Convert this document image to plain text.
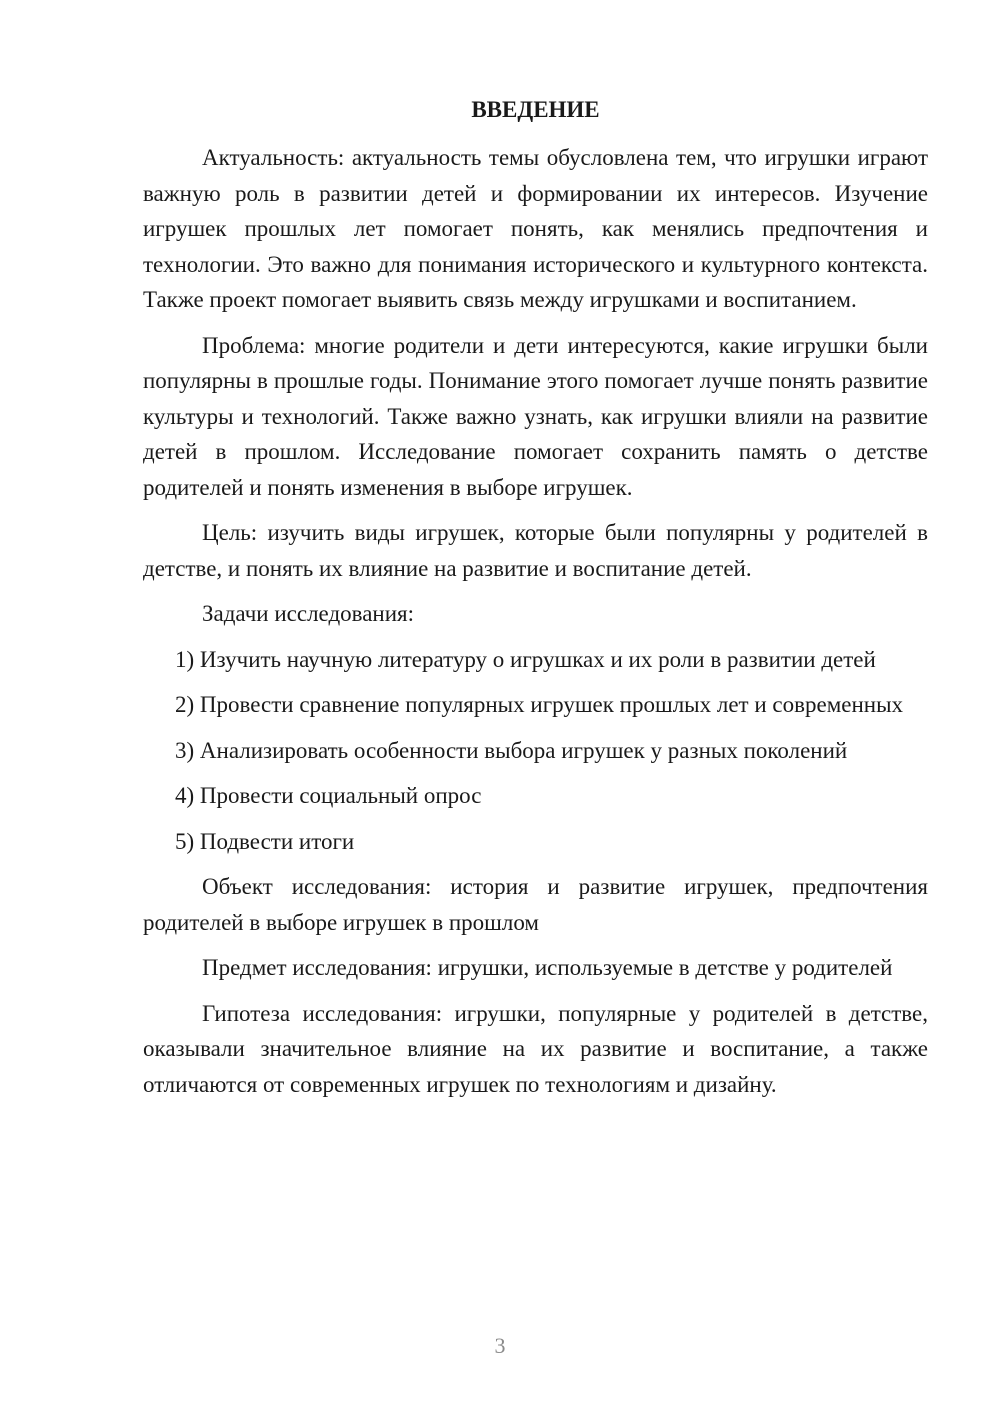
ВВЕДЕНИЕ

Актуальность: актуальность темы обусловлена тем, что игрушки играют важную роль в развитии детей и формировании их интересов. Изучение игрушек прошлых лет помогает понять, как менялись предпочтения и технологии. Это важно для понимания исторического и культурного контекста. Также проект помогает выявить связь между игрушками и воспитанием.

Проблема: многие родители и дети интересуются, какие игрушки были популярны в прошлые годы. Понимание этого помогает лучше понять развитие культуры и технологий. Также важно узнать, как игрушки влияли на развитие детей в прошлом. Исследование помогает сохранить память о детстве родителей и понять изменения в выборе игрушек.

Цель: изучить виды игрушек, которые были популярны у родителей в детстве, и понять их влияние на развитие и воспитание детей.

Задачи исследования:

1) Изучить научную литературу о игрушках и их роли в развитии детей

2) Провести сравнение популярных игрушек прошлых лет и современных

3) Анализировать особенности выбора игрушек у разных поколений

4) Провести социальный опрос

5) Подвести итоги

Объект исследования: история и развитие игрушек, предпочтения родителей в выборе игрушек в прошлом

Предмет исследования: игрушки, используемые в детстве у родителей

Гипотеза исследования: игрушки, популярные у родителей в детстве, оказывали значительное влияние на их развитие и воспитание, а также отличаются от современных игрушек по технологиям и дизайну.

3
